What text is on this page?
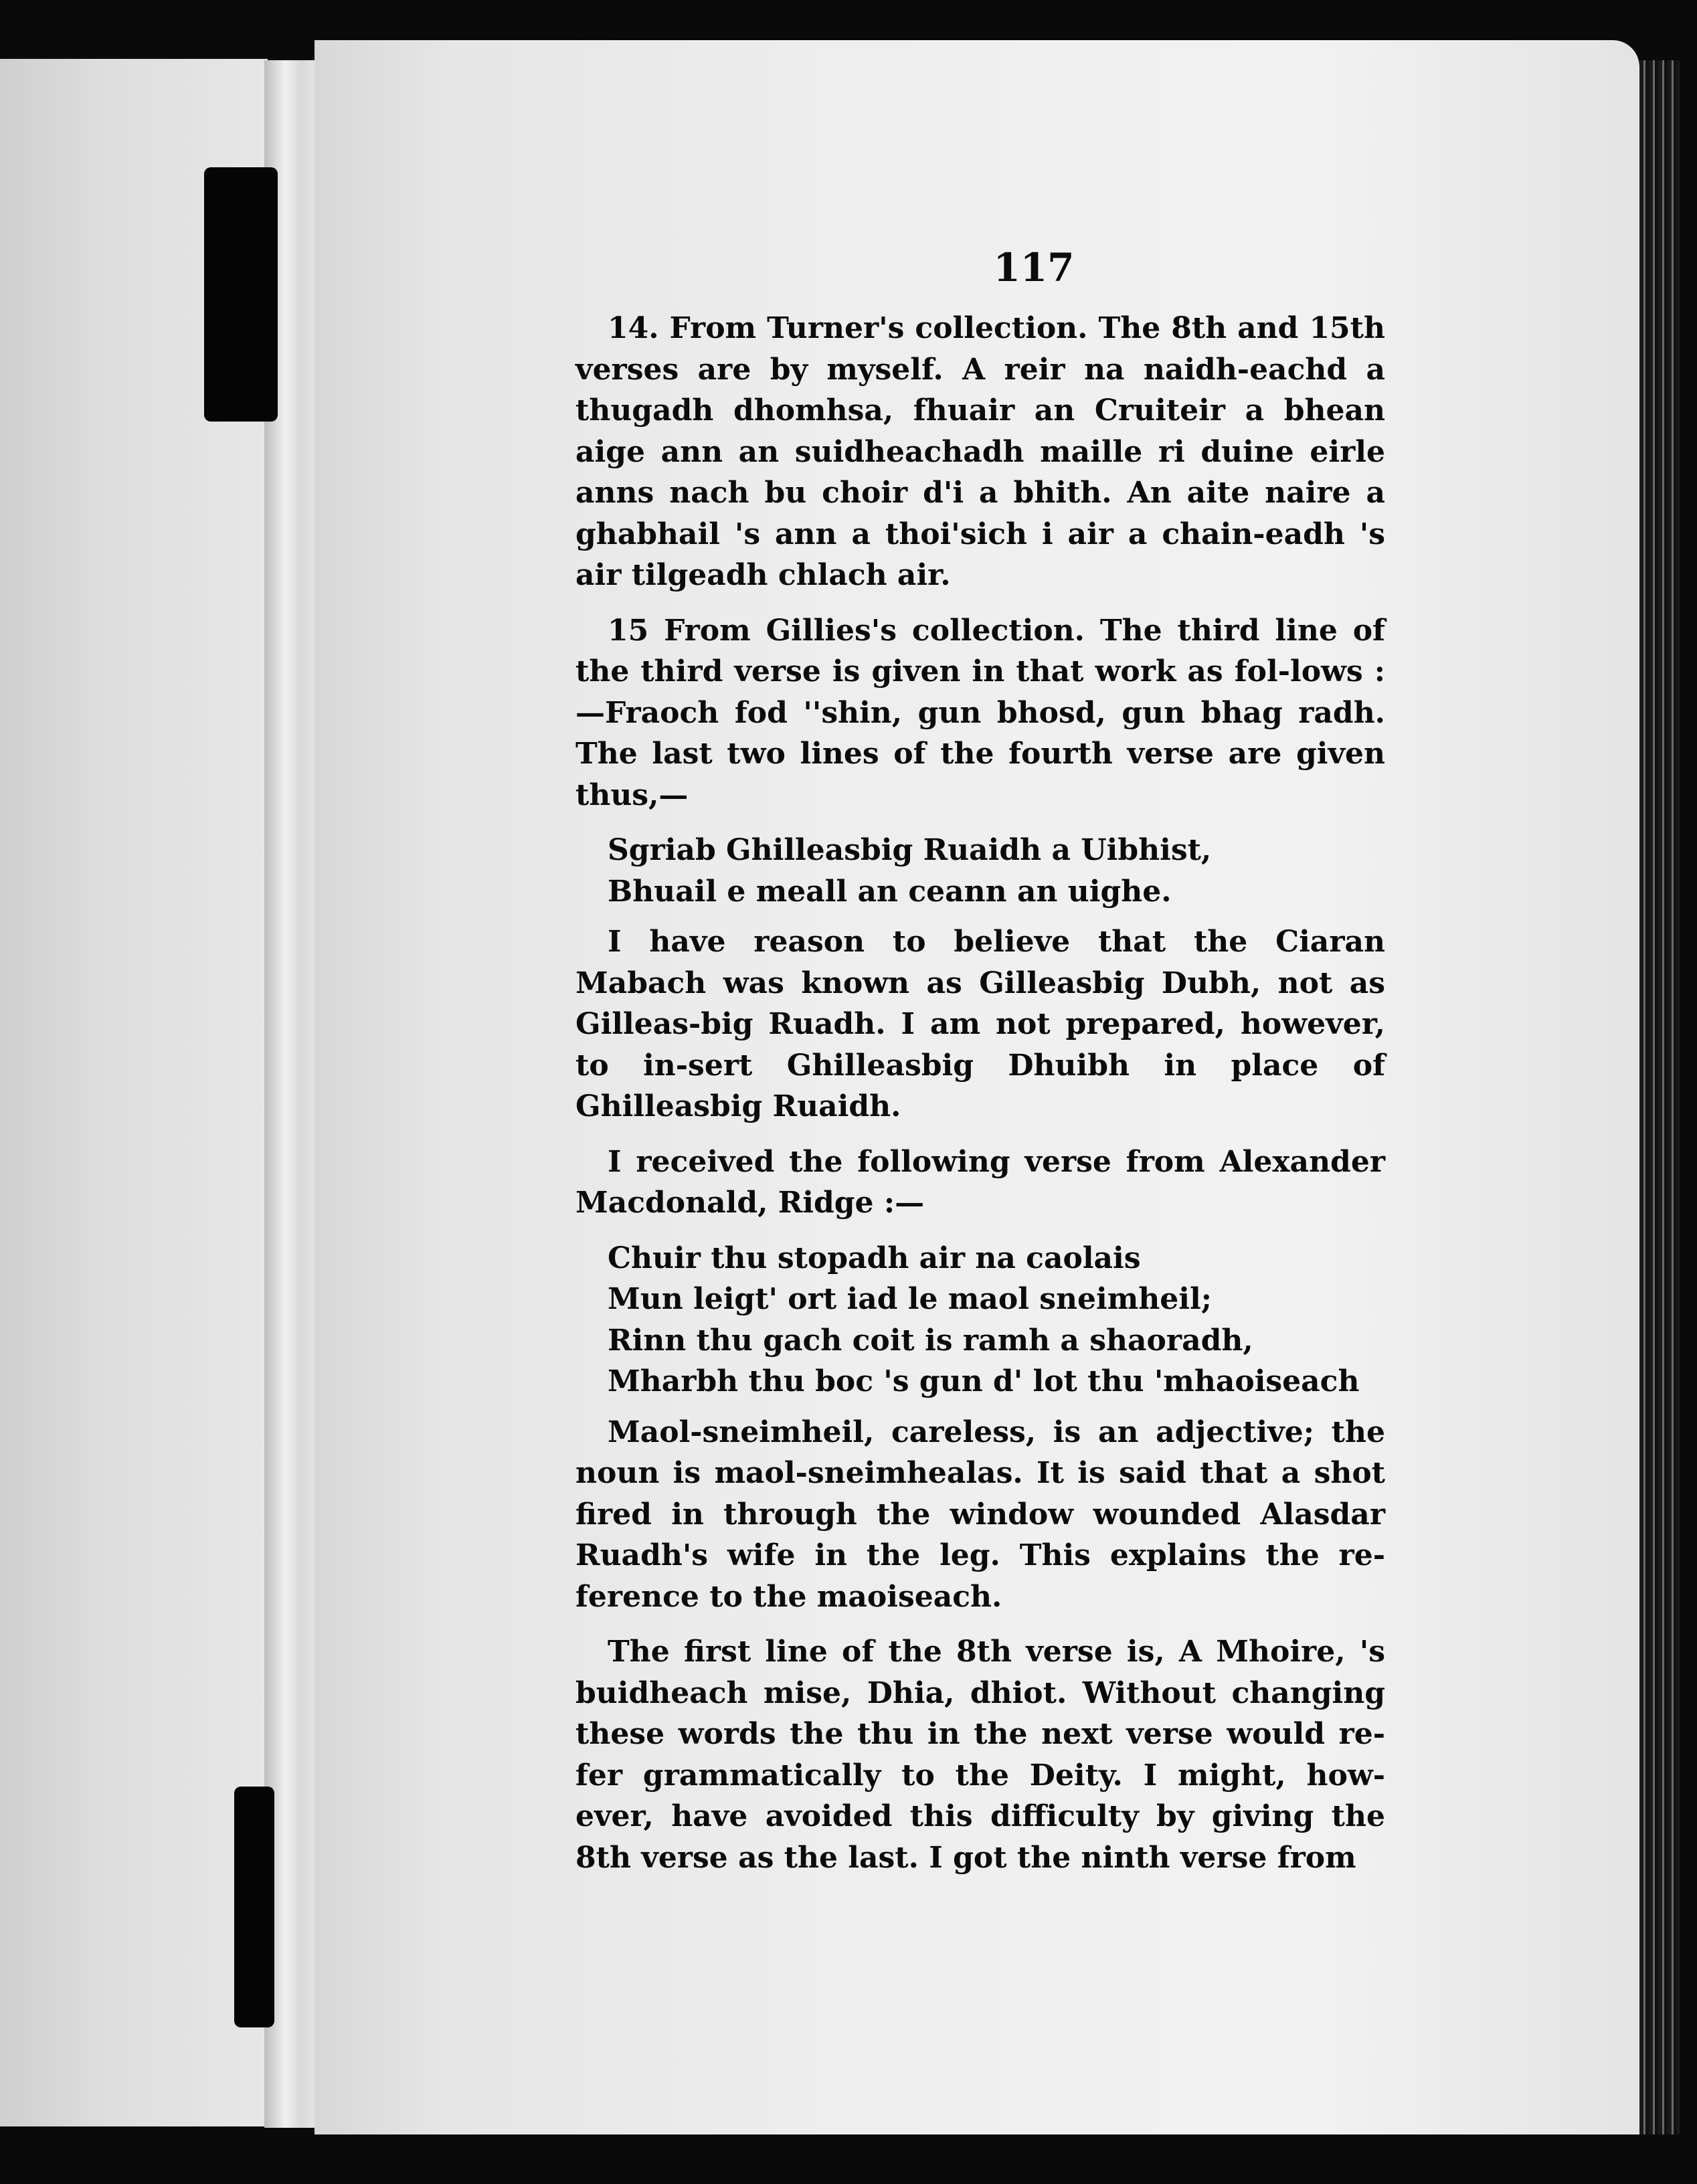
117

14. From Turner's collection. The 8th and 15th verses are by myself. A reir na naidh-eachd a thugadh dhomhsa, fhuair an Cruiteir a bhean aige ann an suidheachadh maille ri duine eirle anns nach bu choir d'i a bhith. An aite naire a ghabhail 's ann a thoi'sich i air a chain-eadh 's air tilgeadh chlach air.

15 From Gillies's collection. The third line of the third verse is given in that work as fol-lows :—Fraoch fod ''shin, gun bhosd, gun bhag radh. The last two lines of the fourth verse are given thus,—

Sgriab Ghilleasbig Ruaidh a Uibhist,
Bhuail e meall an ceann an uighe.

I have reason to believe that the Ciaran Mabach was known as Gilleasbig Dubh, not as Gilleas-big Ruadh. I am not prepared, however, to in-sert Ghilleasbig Dhuibh in place of Ghilleasbig Ruaidh.

I received the following verse from Alexander Macdonald, Ridge :—

Chuir thu stopadh air na caolais
Mun leigt' ort iad le maol sneimheil;
Rinn thu gach coit is ramh a shaoradh,
Mharbh thu boc 's gun d' lot thu 'mhaoiseach

Maol-sneimheil, careless, is an adjective; the noun is maol-sneimhealas. It is said that a shot fired in through the window wounded Alasdar Ruadh's wife in the leg. This explains the re-ference to the maoiseach.

The first line of the 8th verse is, A Mhoire, 's buidheach mise, Dhia, dhiot. Without changing these words the thu in the next verse would re-fer grammatically to the Deity. I might, how-ever, have avoided this difficulty by giving the 8th verse as the last. I got the ninth verse from
